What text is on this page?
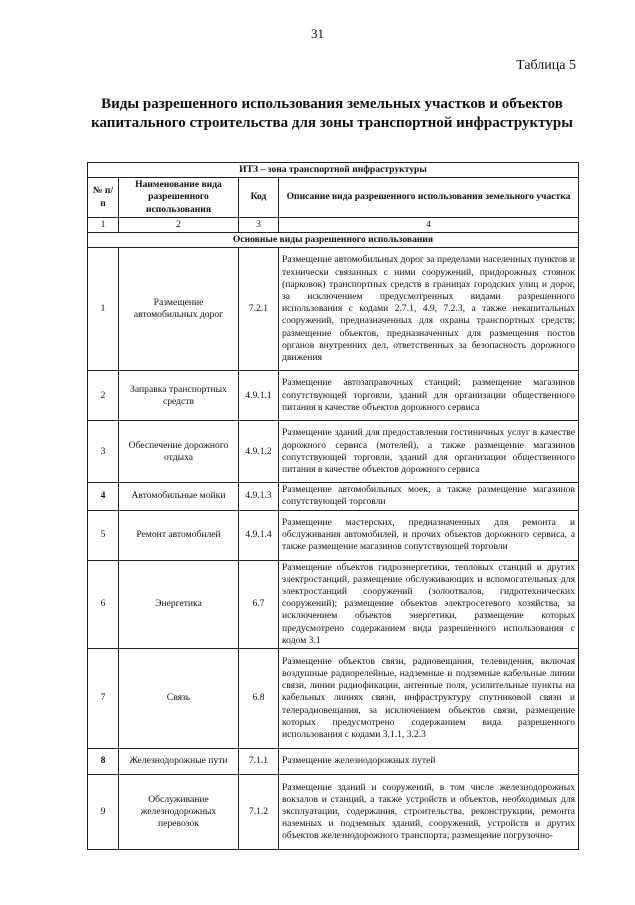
31
Таблица 5
Виды разрешенного использования земельных участков и объектов капитального строительства для зоны транспортной инфраструктуры
ИТЗ – зона транспортной инфраструктуры			
№ п/п	Наименование вида разрешенного использования	Код	Описание вида разрешенного использования земельного участка
1	2	3	4
Основные виды разрешенного использования			
1	Размещение автомобильных дорог	7.2.1	Размещение автомобильных дорог за пределами населенных пунктов и технически связанных с ними сооружений, придорожных стоянок (парковок) транспортных средств в границах городских улиц и дорог, за исключением предусмотренных видами разрешенного использования с кодами 2.7.1, 4.9, 7.2.3, а также некапитальных сооружений, предназначенных для охраны транспортных средств; размещение объектов, предназначенных для размещения постов органов внутренних дел, ответственных за безопасность дорожного движения
2	Заправка транспортных средств	4.9.1.1	Размещение автозаправочных станций; размещение магазинов сопутствующей торговли, зданий для организации общественного питания в качестве объектов дорожного сервиса
3	Обеспечение дорожного отдыха	4.9.1.2	Размещение зданий для предоставления гостиничных услуг в качестве дорожного сервиса (мотелей), а также размещение магазинов сопутствующей торговли, зданий для организации общественного питания в качестве объектов дорожного сервиса
4	Автомобильные мойки	4.9.1.3	Размещение автомобильных моек, а также размещение магазинов сопутствующей торговли
5	Ремонт автомобилей	4.9.1.4	Размещение мастерских, предназначенных для ремонта и обслуживания автомобилей, и прочих объектов дорожного сервиса, а также размещение магазинов сопутствующей торговли
6	Энергетика	6.7	Размещение объектов гидроэнергетики, тепловых станций и других электростанций, размещение обслуживающих и вспомогательных для электростанций сооружений (золоотвалов, гидротехнических сооружений); размещение объектов электросетевого хозяйства, за исключением объектов энергетики, размещение которых предусмотрено содержанием вида разрешенного использования с кодом 3.1
7	Связь	6.8	Размещение объектов связи, радиовещания, телевидения, включая воздушные радиорелейные, надземные и подземные кабельные линии связи, линии радиофикации, антенные поля, усилительные пункты на кабельных линиях связи, инфраструктуру спутниковой связи и телерадиовещания, за исключением объектов связи, размещение которых предусмотрено содержанием вида разрешенного использования с кодами 3.1.1, 3.2.3
8	Железнодорожные пути	7.1.1	Размещение железнодорожных путей
9	Обслуживание железнодорожных перевозок	7.1.2	Размещение зданий и сооружений, в том числе железнодорожных вокзалов и станций, а также устройств и объектов, необходимых для эксплуатации, содержания, строительства, реконструкции, ремонта наземных и подземных зданий, сооружений, устройств и других объектов железнодорожного транспорта; размещение погрузочно-
